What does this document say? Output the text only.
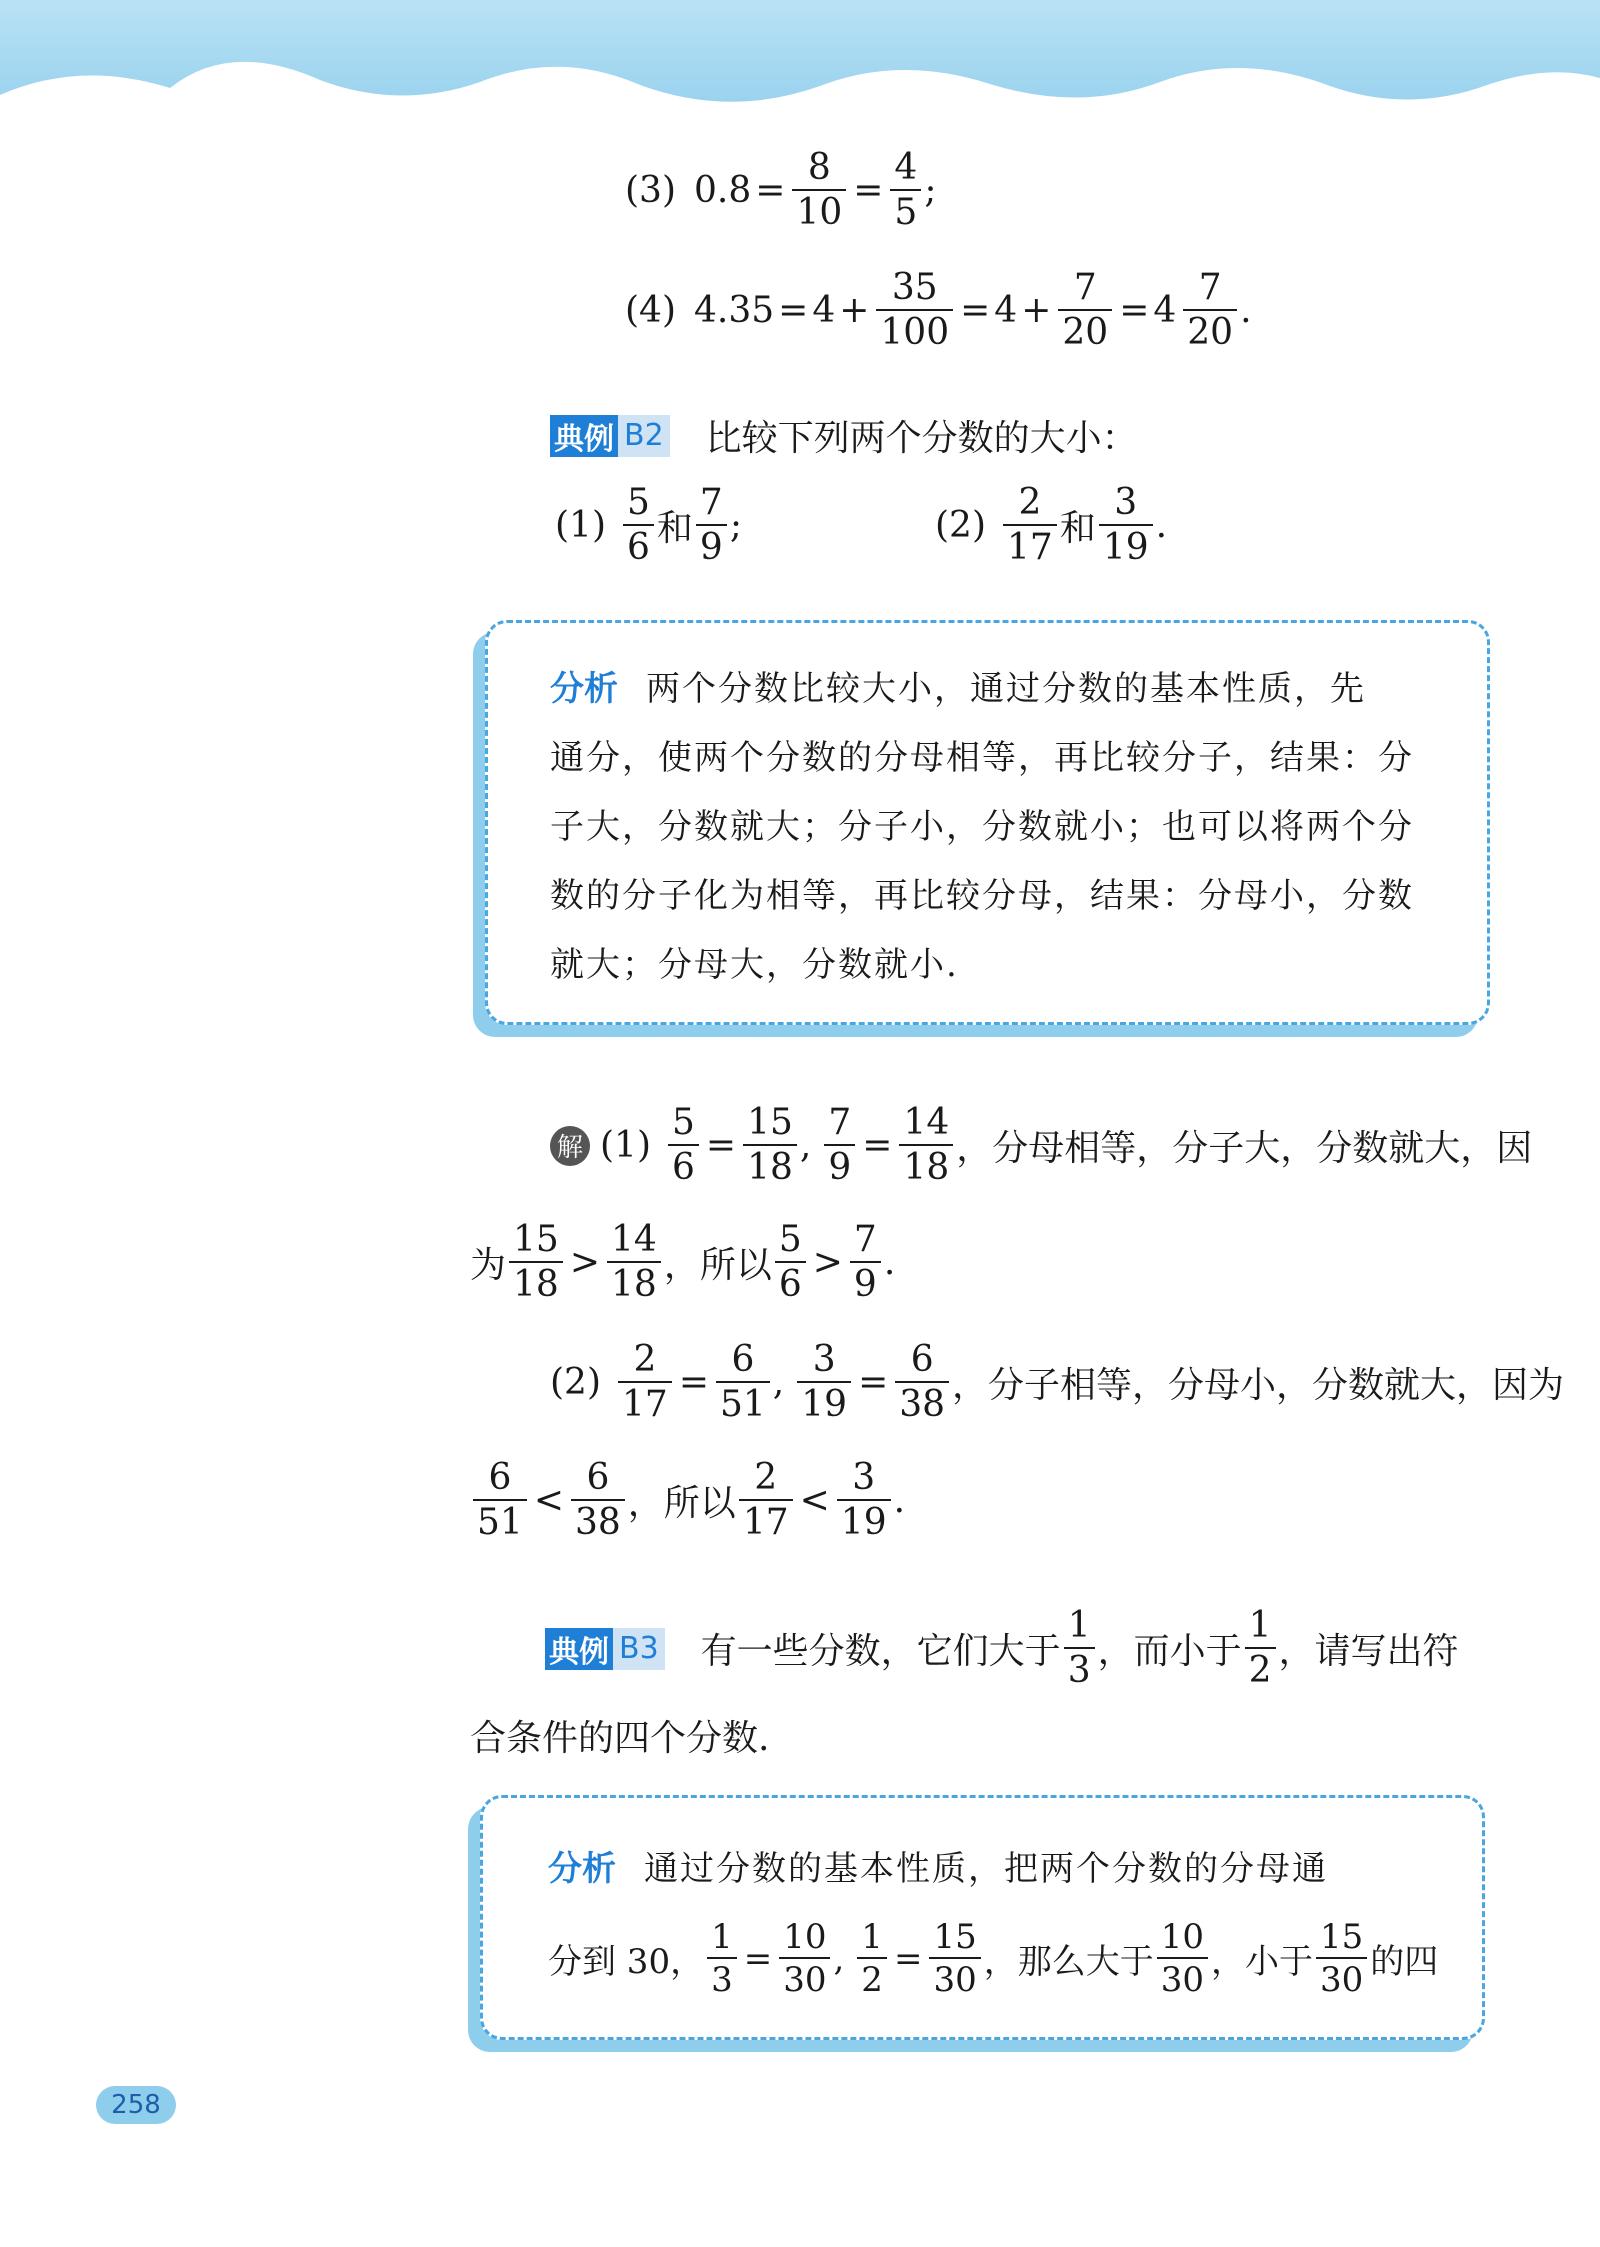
(3) $0.8 = \frac{8}{10} = \frac{4}{5}$ ;
(4) $4.35 = 4 + \frac{35}{100} = 4 + \frac{7}{20} = 4 \frac{7}{20}$ .
典例 B2 比较下列两个分数的大小：
$(1) \frac{5}{6}$ 和 $\frac{7}{9}$ ;	$(2) \frac{2}{17}$ 和 $\frac{3}{19}$ .
分析 两个分数比较大小，通过分数的基本性质，先
通分，使两个分数的分母相等，再比较分子，结果：分
子大，分数就大；分子小，分数就小；也可以将两个分
数的分子化为相等，再比较分母，结果：分母小，分数
就大；分母大，分数就小.
解 $(1) \frac{5}{6} = \frac{15}{18}$ , $\frac{7}{9} = \frac{14}{18}$ ，分母相等，分子大，分数就大，因
为 $\frac{15}{18} > \frac{14}{18}$ ，所以 $\frac{5}{6} > \frac{7}{9}$ .
$(2) \frac{2}{17} = \frac{6}{51}$ , $\frac{3}{19} = \frac{6}{38}$ ，分子相等，分母小，分数就大，因为
$\frac{6}{51} < \frac{6}{38}$ ，所以 $\frac{2}{17} < \frac{3}{19}$ .
典例 B3 有一些分数，它们大于 $\frac{1}{3}$ ，而小于 $\frac{1}{2}$ ，请写出符
合条件的四个分数.
分析 通过分数的基本性质，把两个分数的分母通
分到 30， $\frac{1}{3} = \frac{10}{30}$ , $\frac{1}{2} = \frac{15}{30}$ ，那么大于 $\frac{10}{30}$ ，小于 $\frac{15}{30}$ 的四
258
